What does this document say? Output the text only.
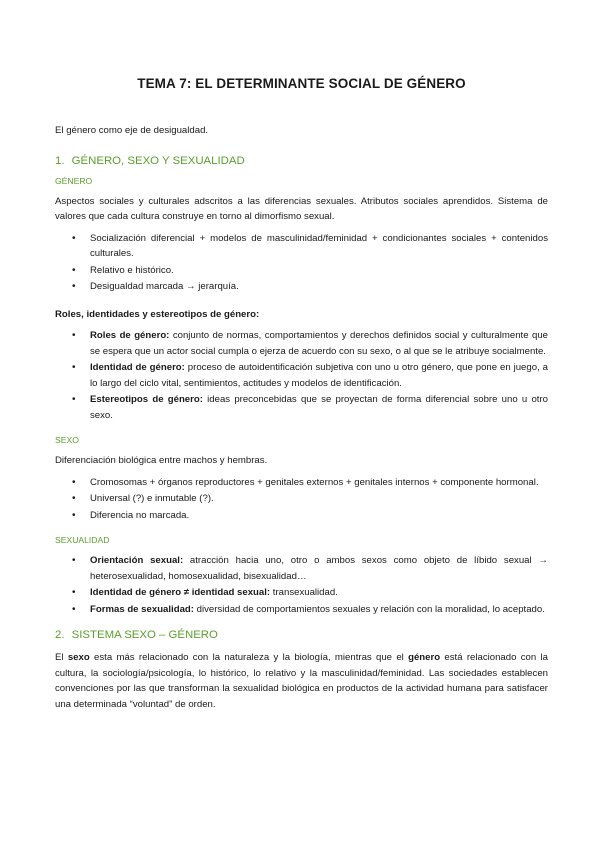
TEMA 7: EL DETERMINANTE SOCIAL DE GÉNERO

El género como eje de desigualdad.

1. GÉNERO, SEXO Y SEXUALIDAD
GÉNERO

Aspectos sociales y culturales adscritos a las diferencias sexuales. Atributos sociales aprendidos. Sistema de valores que cada cultura construye en torno al dimorfismo sexual.

• Socialización diferencial + modelos de masculinidad/feminidad + condicionantes sociales + contenidos culturales.
• Relativo e histórico.
• Desigualdad marcada → jerarquía.

Roles, identidades y estereotipos de género:

• Roles de género: conjunto de normas, comportamientos y derechos definidos social y culturalmente que se espera que un actor social cumpla o ejerza de acuerdo con su sexo, o al que se le atribuye socialmente.
• Identidad de género: proceso de autoidentificación subjetiva con uno u otro género, que pone en juego, a lo largo del ciclo vital, sentimientos, actitudes y modelos de identificación.
• Estereotipos de género: ideas preconcebidas que se proyectan de forma diferencial sobre uno u otro sexo.
SEXO

Diferenciación biológica entre machos y hembras.

• Cromosomas + órganos reproductores + genitales externos + genitales internos + componente hormonal.
• Universal (?) e inmutable (?).
• Diferencia no marcada.
SEXUALIDAD
• Orientación sexual: atracción hacia uno, otro o ambos sexos como objeto de líbido sexual → heterosexualidad, homosexualidad, bisexualidad…
• Identidad de género ≠ identidad sexual: transexualidad.
• Formas de sexualidad: diversidad de comportamientos sexuales y relación con la moralidad, lo aceptado.
2. SISTEMA SEXO – GÉNERO

El sexo esta más relacionado con la naturaleza y la biología, mientras que el género está relacionado con la cultura, la sociología/psicología, lo histórico, lo relativo y la masculinidad/feminidad. Las sociedades establecen convenciones por las que transforman la sexualidad biológica en productos de la actividad humana para satisfacer una determinada “voluntad” de orden.
